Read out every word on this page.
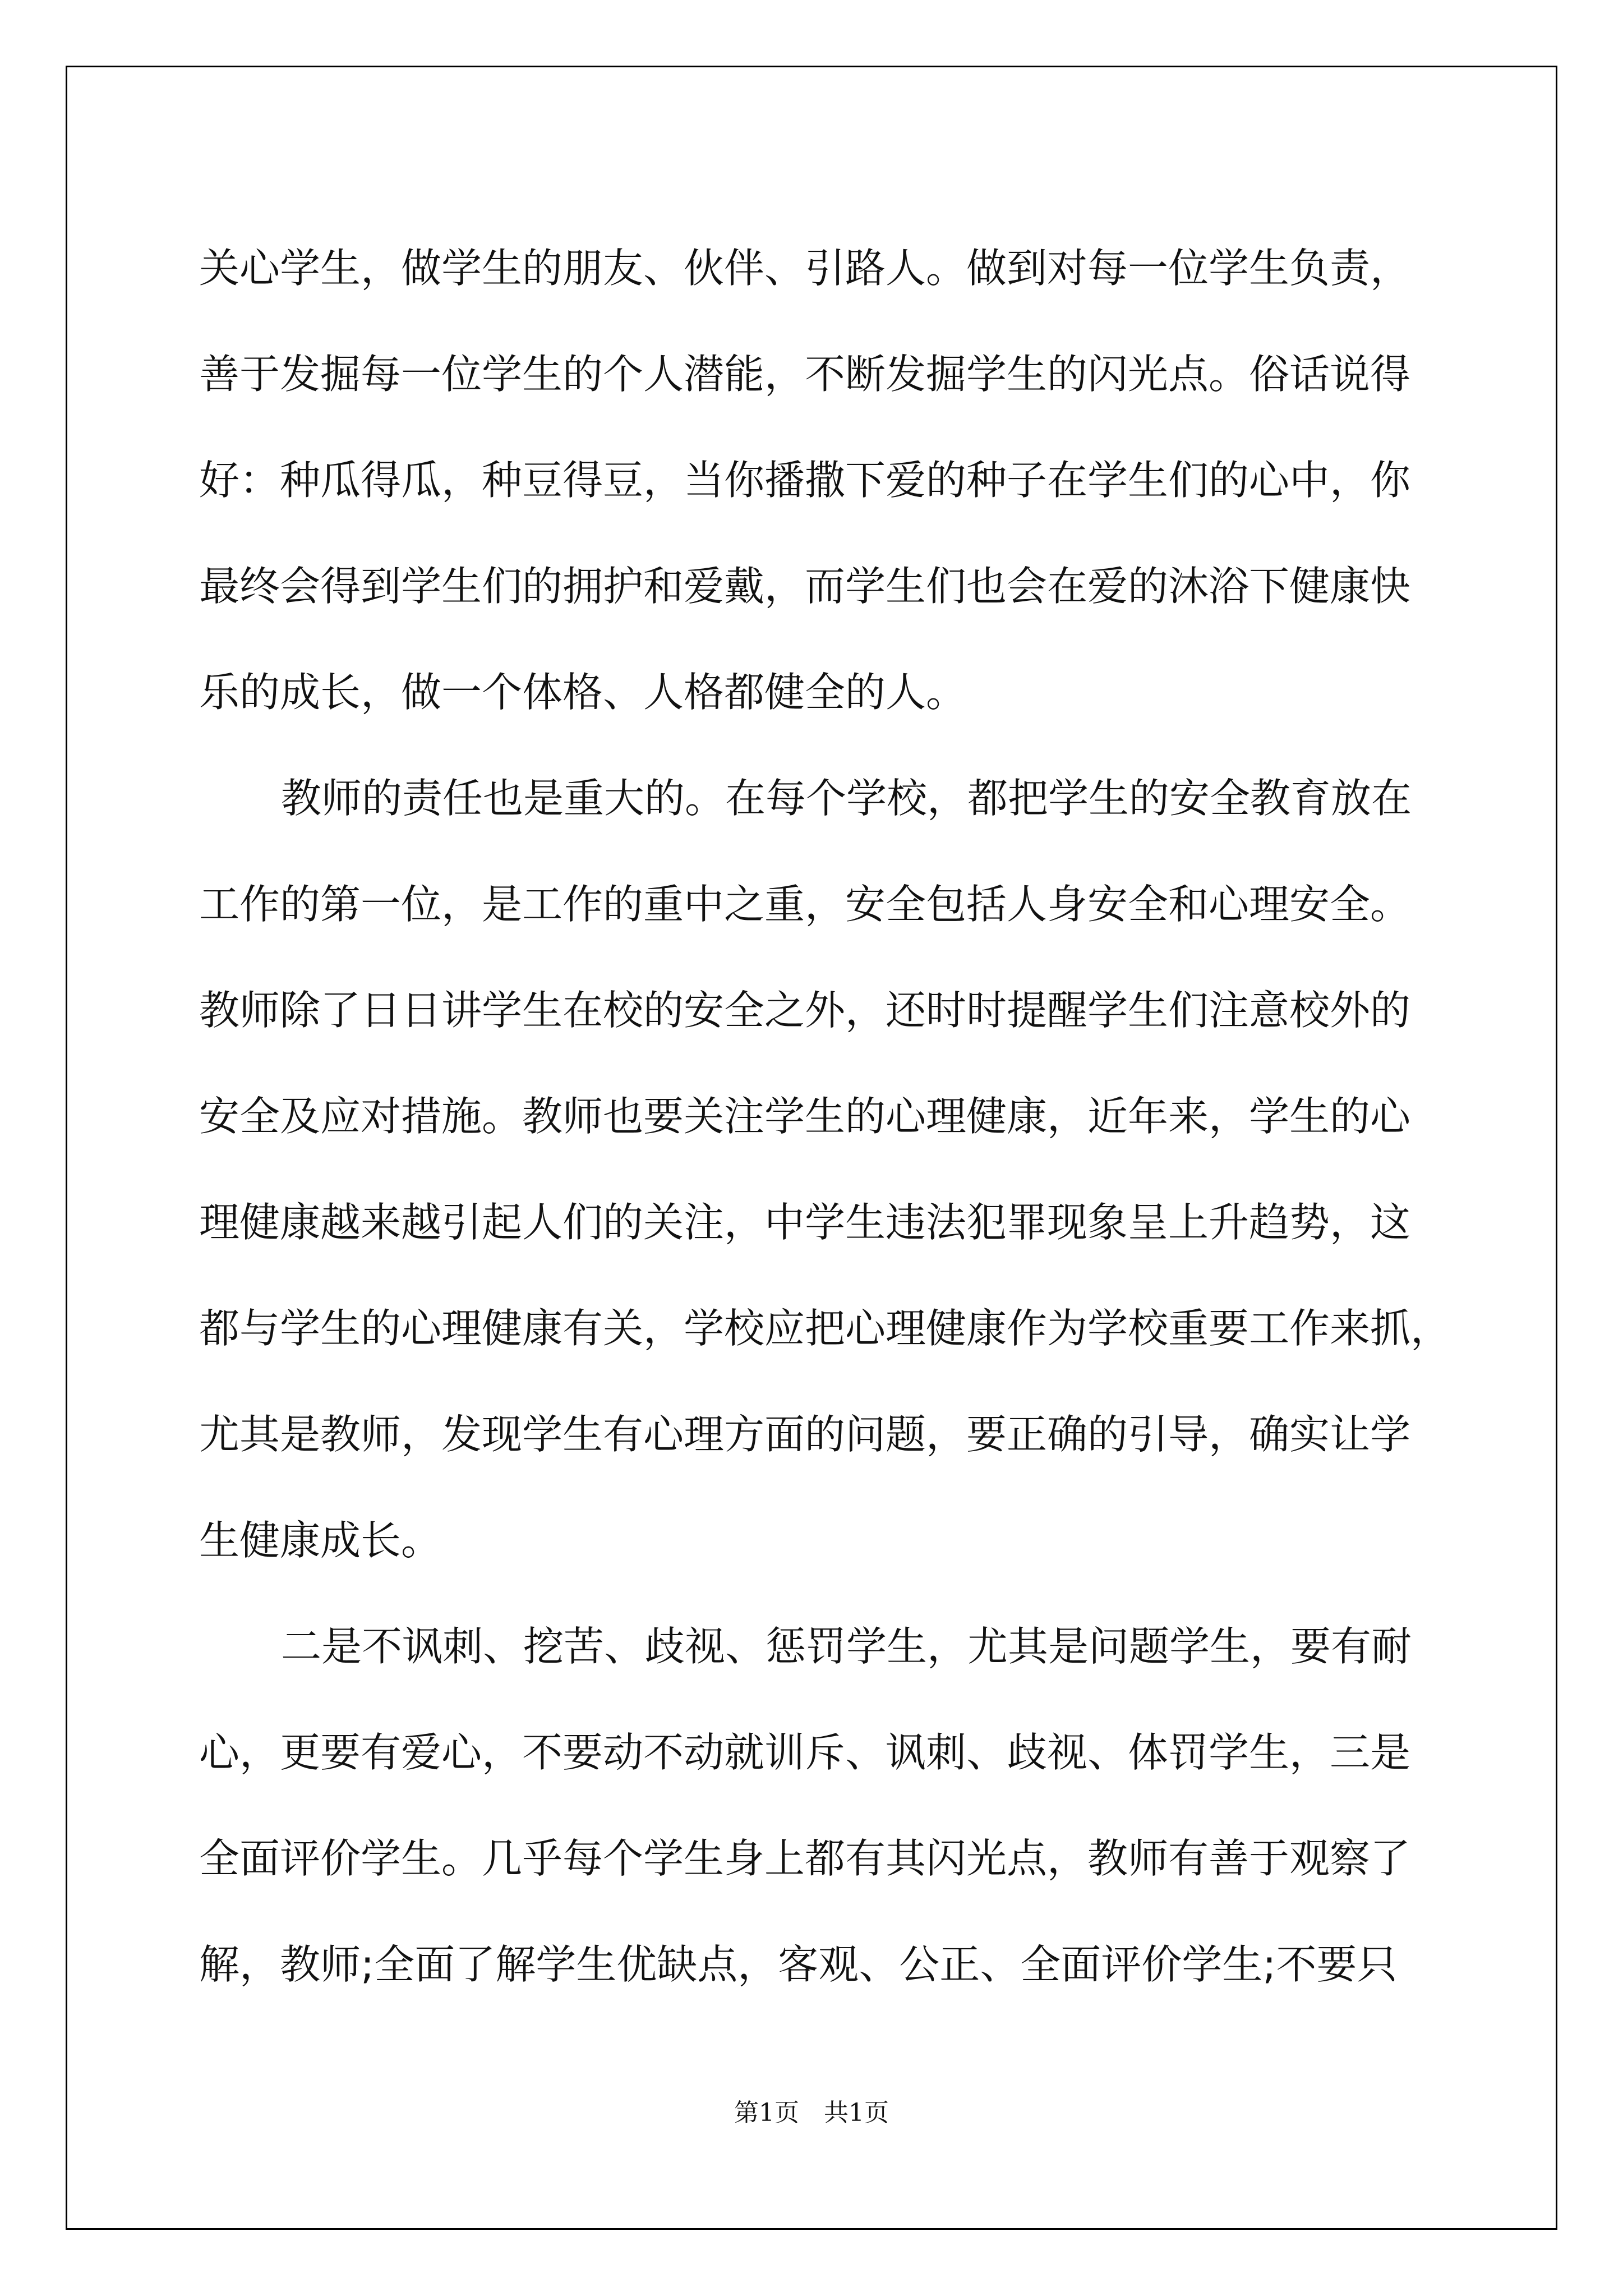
关心学生，做学生的朋友、伙伴、引路人。做到对每一位学生负责，
善于发掘每一位学生的个人潜能，不断发掘学生的闪光点。俗话说得
好：种瓜得瓜，种豆得豆，当你播撒下爱的种子在学生们的心中，你
最终会得到学生们的拥护和爱戴，而学生们也会在爱的沐浴下健康快
乐的成长，做一个体格、人格都健全的人。
教师的责任也是重大的。在每个学校，都把学生的安全教育放在
工作的第一位，是工作的重中之重，安全包括人身安全和心理安全。
教师除了日日讲学生在校的安全之外，还时时提醒学生们注意校外的
安全及应对措施。教师也要关注学生的心理健康，近年来，学生的心
理健康越来越引起人们的关注，中学生违法犯罪现象呈上升趋势，这
都与学生的心理健康有关，学校应把心理健康作为学校重要工作来抓，
尤其是教师，发现学生有心理方面的问题，要正确的引导，确实让学
生健康成长。
二是不讽刺、挖苦、歧视、惩罚学生，尤其是问题学生，要有耐
心，更要有爱心，不要动不动就训斥、讽刺、歧视、体罚学生，三是
全面评价学生。几乎每个学生身上都有其闪光点，教师有善于观察了
解，教师;全面了解学生优缺点，客观、公正、全面评价学生;不要只
第1页　共1页
